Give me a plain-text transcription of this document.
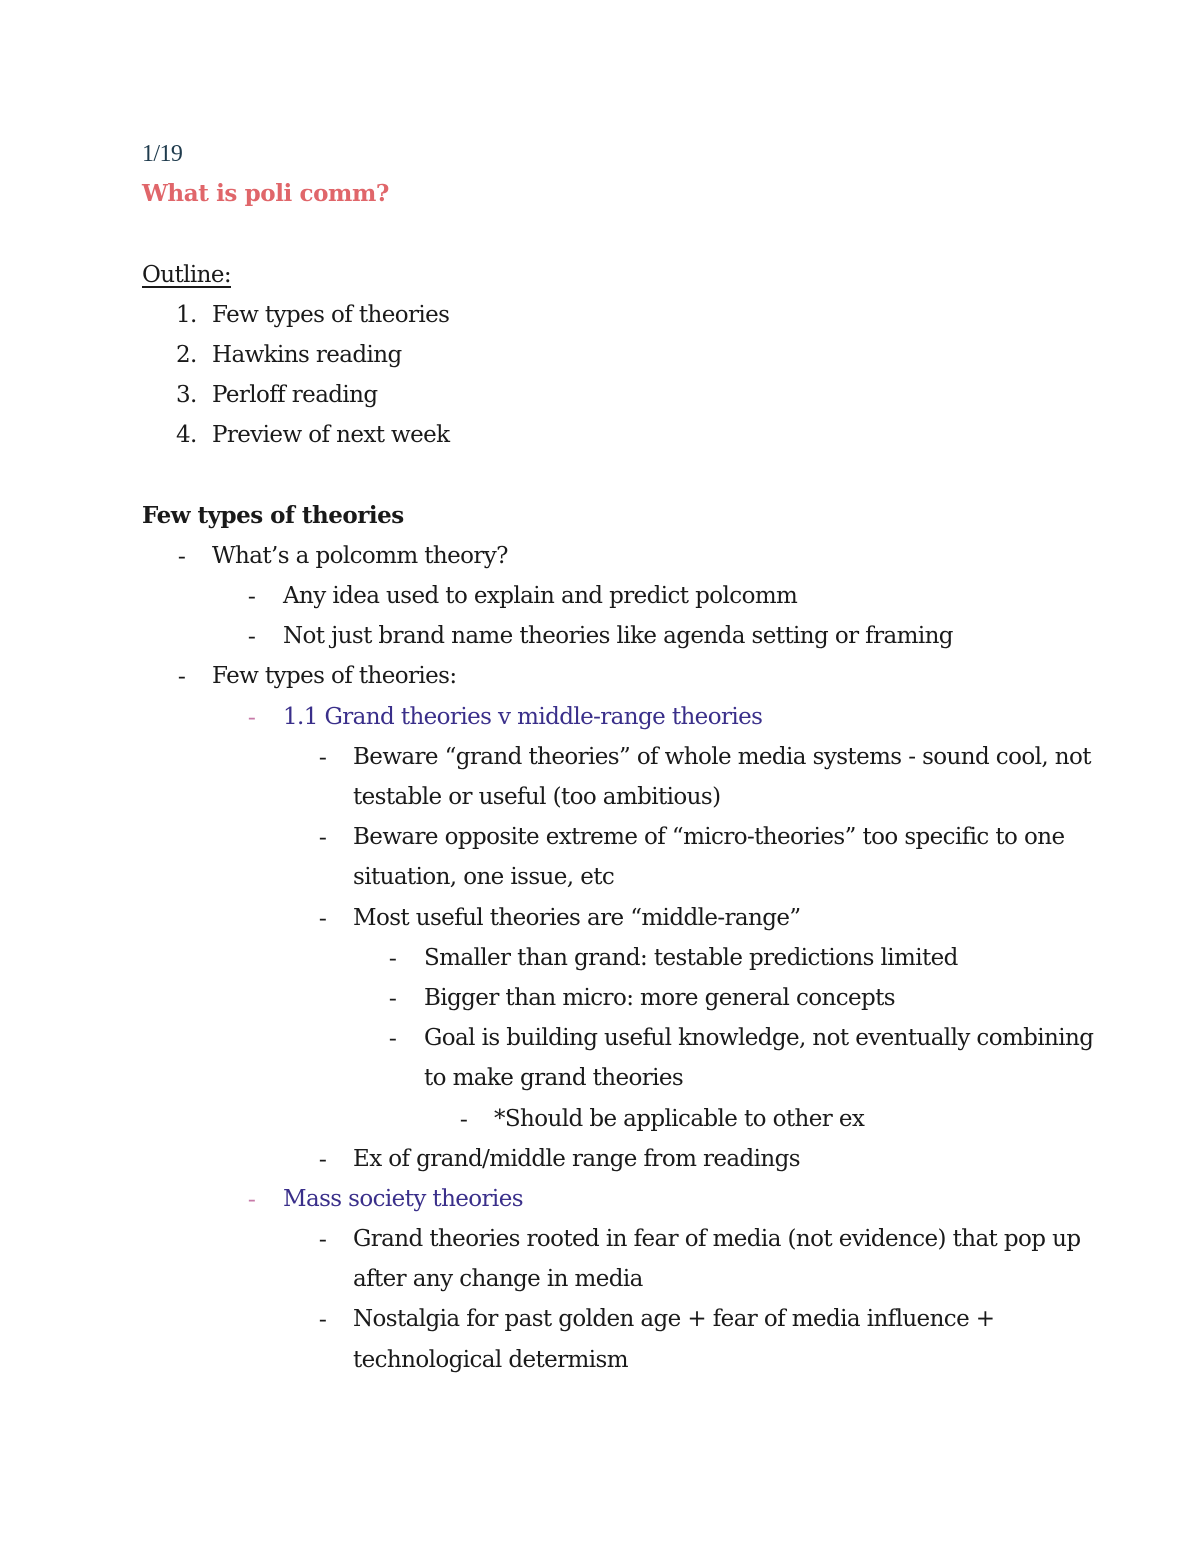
1/19
What is poli comm?
Outline:
1. Few types of theories
2. Hawkins reading
3. Perloff reading
4. Preview of next week
Few types of theories
- What’s a polcomm theory?
- Any idea used to explain and predict polcomm
- Not just brand name theories like agenda setting or framing
- Few types of theories:
- 1.1 Grand theories v middle-range theories
- Beware “grand theories” of whole media systems - sound cool, not
testable or useful (too ambitious)
- Beware opposite extreme of “micro-theories” too specific to one
situation, one issue, etc
- Most useful theories are “middle-range”
- Smaller than grand: testable predictions limited
- Bigger than micro: more general concepts
- Goal is building useful knowledge, not eventually combining
to make grand theories
- *Should be applicable to other ex
- Ex of grand/middle range from readings
- Mass society theories
- Grand theories rooted in fear of media (not evidence) that pop up
after any change in media
- Nostalgia for past golden age + fear of media influence +
technological determism
